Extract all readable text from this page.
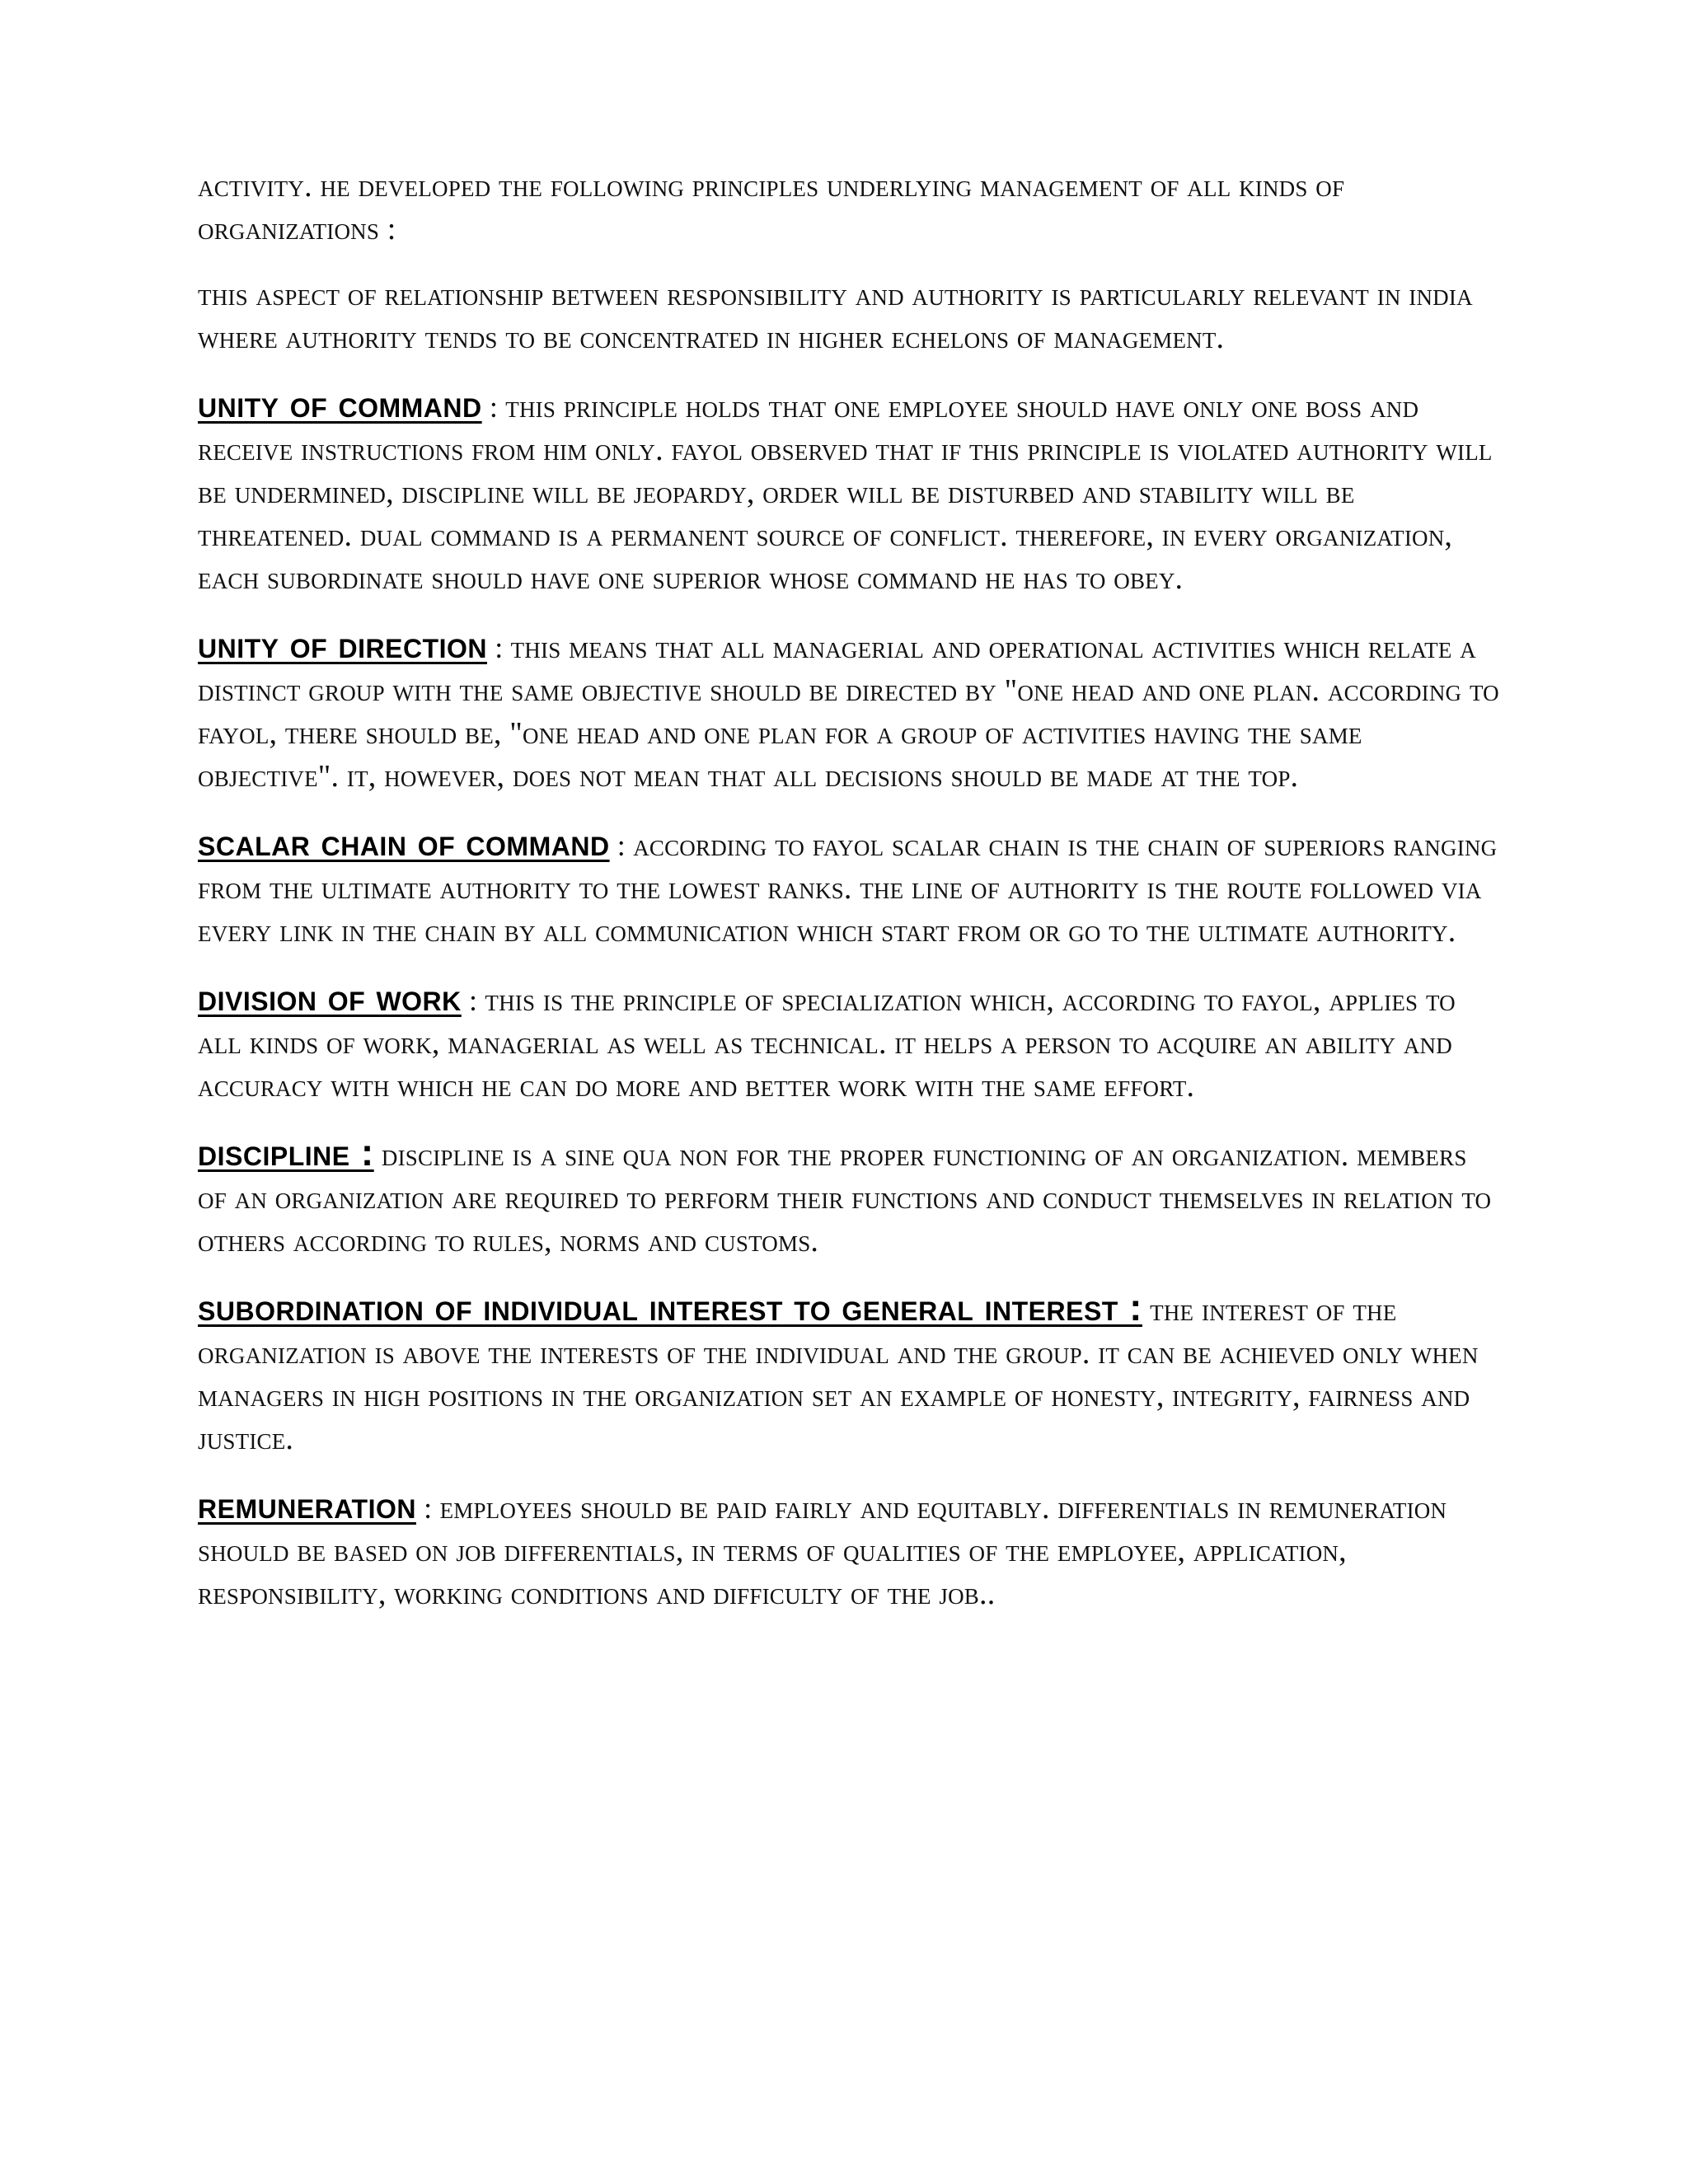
activity. he developed the following principles underlying management of all kinds of organizations :

this aspect of relationship between responsibility and authority is particularly relevant in india where authority tends to be concentrated in higher echelons of management.

unity of command : this principle holds that one employee should have only one boss and receive instructions from him only. fayol observed that if this principle is violated authority will be undermined, discipline will be jeopardy, order will be disturbed and stability will be threatened. dual command is a permanent source of conflict. therefore, in every organization, each subordinate should have one superior whose command he has to obey.
unity of direction : this means that all managerial and operational activities which relate a distinct group with the same objective should be directed by "one head and one plan. according to fayol, there should be, "one head and one plan for a group of activities having the same objective". it, however, does not mean that all decisions should be made at the top.
scalar chain of command : according to fayol scalar chain is the chain of superiors ranging from the ultimate authority to the lowest ranks. the line of authority is the route followed via every link in the chain by all communication which start from or go to the ultimate authority.
division of work : this is the principle of specialization which, according to fayol, applies to all kinds of work, managerial as well as technical. it helps a person to acquire an ability and accuracy with which he can do more and better work with the same effort.
discipline : discipline is a sine qua non for the proper functioning of an organization. members of an organization are required to perform their functions and conduct themselves in relation to others according to rules, norms and customs.
subordination of individual interest to general interest : the interest of the organization is above the interests of the individual and the group. it can be achieved only when managers in high positions in the organization set an example of honesty, integrity, fairness and justice.
remuneration : employees should be paid fairly and equitably. differentials in remuneration should be based on job differentials, in terms of qualities of the employee, application, responsibility, working conditions and difficulty of the job..
